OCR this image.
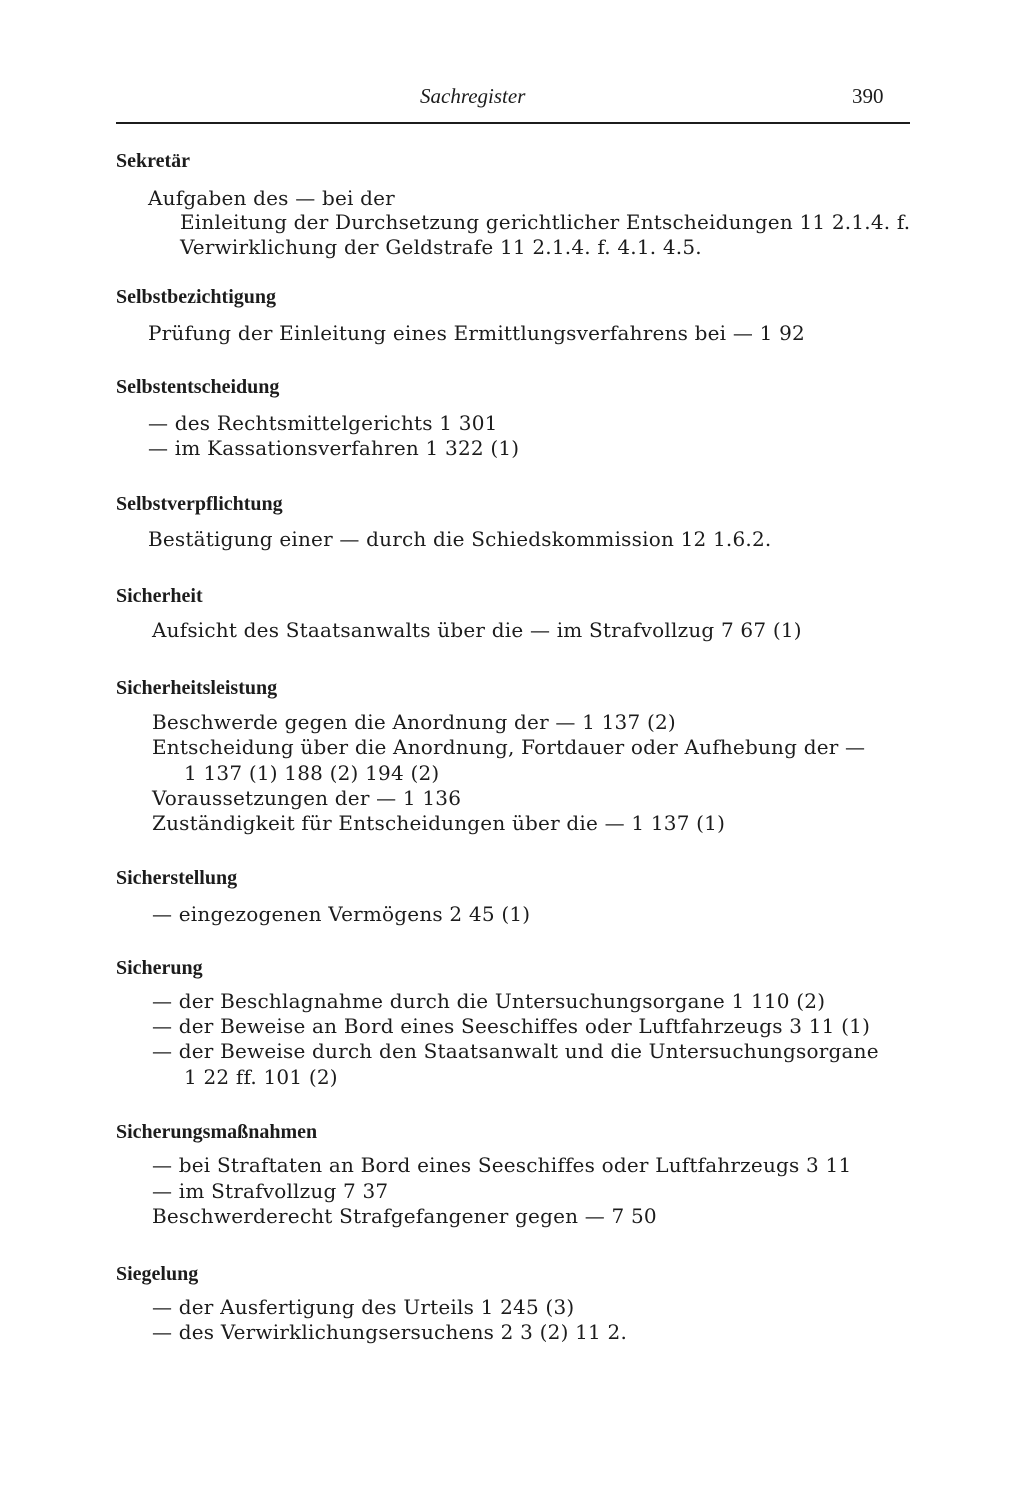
Sachregister	390
Sekretär
Aufgaben des — bei der
Einleitung der Durchsetzung gerichtlicher Entscheidungen 11 2.1.4. f.
Verwirklichung der Geldstrafe 11 2.1.4. f. 4.1. 4.5.
Selbstbezichtigung
Prüfung der Einleitung eines Ermittlungsverfahrens bei — 1 92
Selbstentscheidung
— des Rechtsmittelgerichts 1 301
— im Kassationsverfahren 1 322 (1)
Selbstverpflichtung
Bestätigung einer — durch die Schiedskommission 12 1.6.2.
Sicherheit
Aufsicht des Staatsanwalts über die — im Strafvollzug 7 67 (1)
Sicherheitsleistung
Beschwerde gegen die Anordnung der — 1 137 (2)
Entscheidung über die Anordnung, Fortdauer oder Aufhebung der —
1 137 (1) 188 (2) 194 (2)
Voraussetzungen der — 1 136
Zuständigkeit für Entscheidungen über die — 1 137 (1)
Sicherstellung
— eingezogenen Vermögens 2 45 (1)
Sicherung
— der Beschlagnahme durch die Untersuchungsorgane 1 110 (2)
— der Beweise an Bord eines Seeschiffes oder Luftfahrzeugs 3 11 (1)
— der Beweise durch den Staatsanwalt und die Untersuchungsorgane
1 22 ff. 101 (2)
Sicherungsmaßnahmen
— bei Straftaten an Bord eines Seeschiffes oder Luftfahrzeugs 3 11
— im Strafvollzug 7 37
Beschwerderecht Strafgefangener gegen — 7 50
Siegelung
— der Ausfertigung des Urteils 1 245 (3)
— des Verwirklichungsersuchens 2 3 (2) 11 2.
